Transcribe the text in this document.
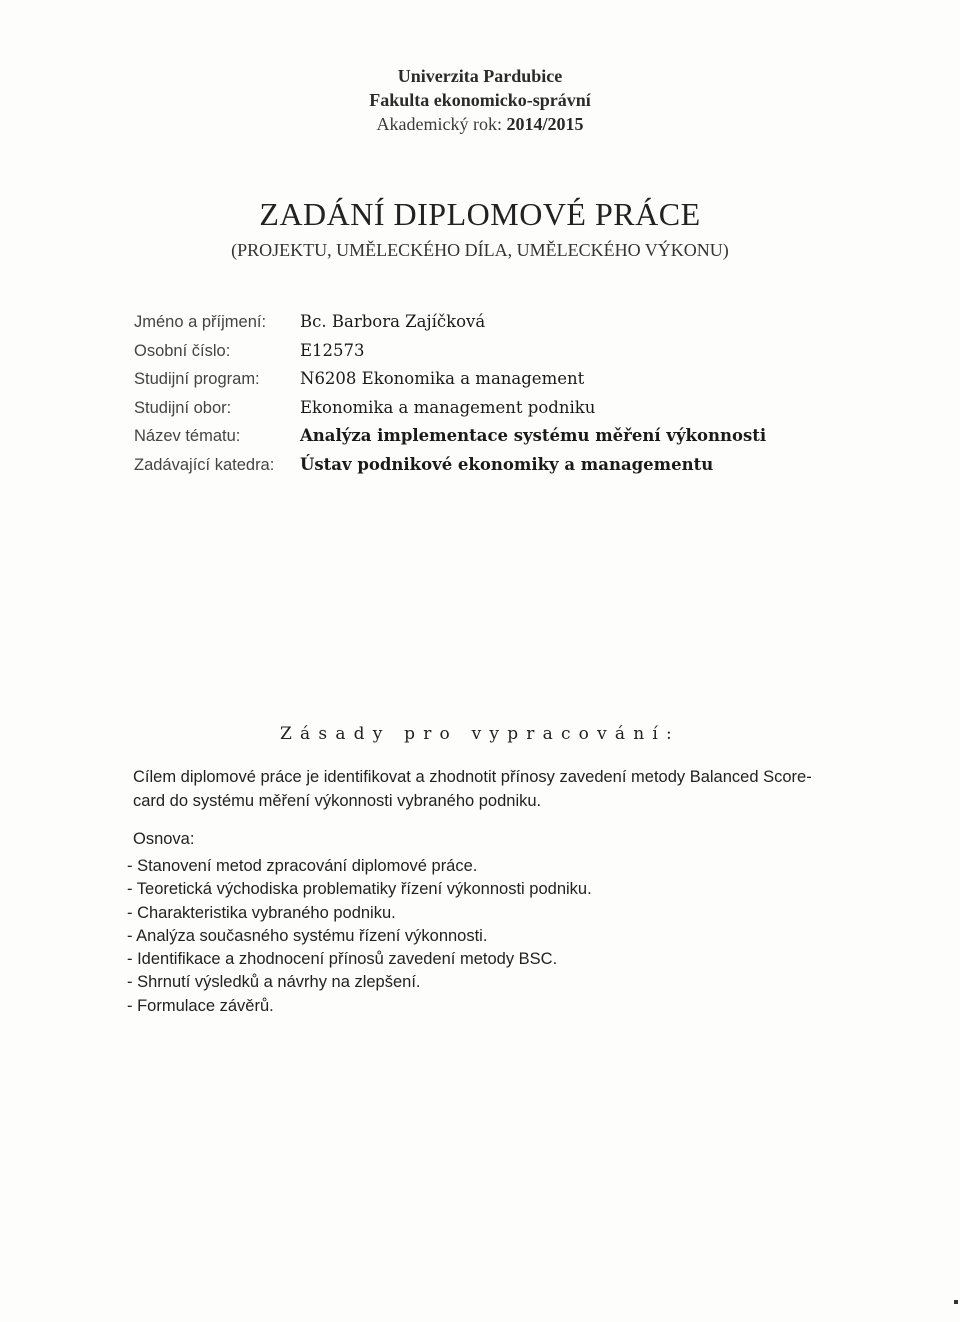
Univerzita Pardubice
Fakulta ekonomicko-správní
Akademický rok: 2014/2015
ZADÁNÍ DIPLOMOVÉ PRÁCE
(PROJEKTU, UMĚLECKÉHO DÍLA, UMĚLECKÉHO VÝKONU)
Jméno a příjmení:	Bc. Barbora Zajíčková
Osobní číslo:	E12573
Studijní program:	N6208 Ekonomika a management
Studijní obor:	Ekonomika a management podniku
Název tématu:	Analýza implementace systému měření výkonnosti
Zadávající katedra:	Ústav podnikové ekonomiky a managementu
Zásady pro vypracování:

Cílem diplomové práce je identifikovat a zhodnotit přínosy zavedení metody Balanced Score-

card do systému měření výkonnosti vybraného podniku.

Osnova:
- Stanovení metod zpracování diplomové práce.
- Teoretická východiska problematiky řízení výkonnosti podniku.
- Charakteristika vybraného podniku.
- Analýza současného systému řízení výkonnosti.
- Identifikace a zhodnocení přínosů zavedení metody BSC.
- Shrnutí výsledků a návrhy na zlepšení.
- Formulace závěrů.
